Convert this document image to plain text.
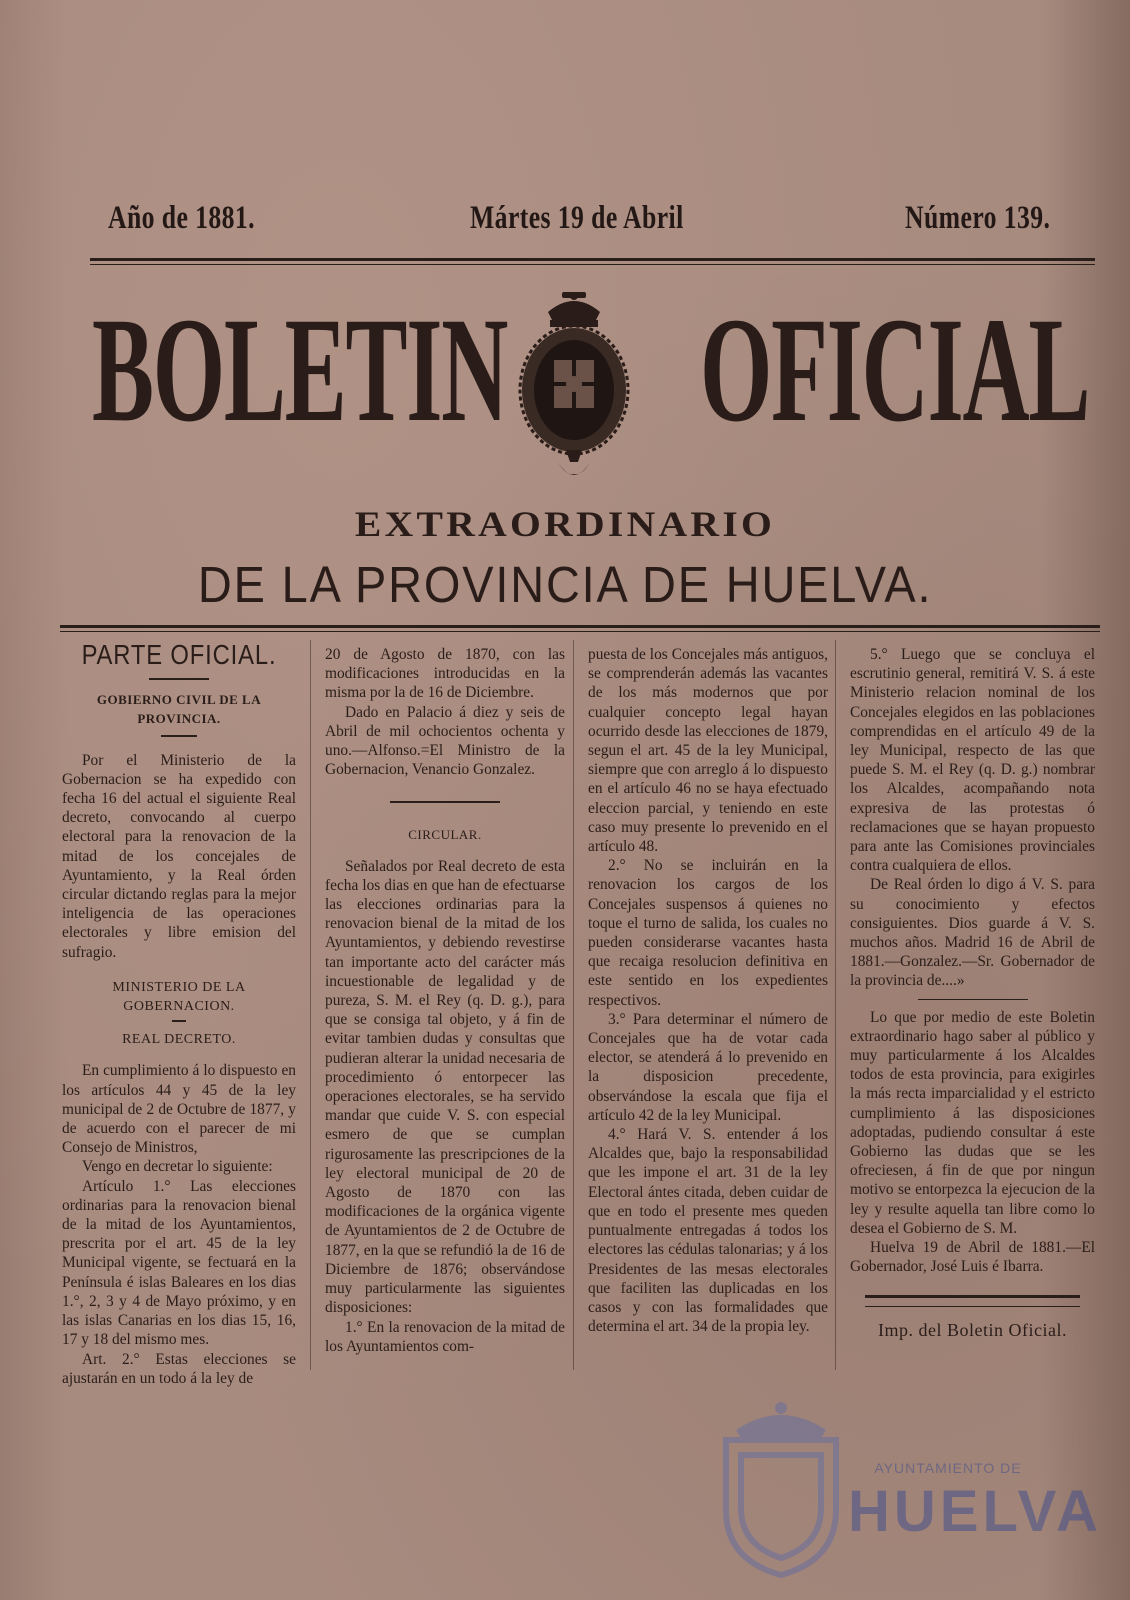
Año de 1881.	Mártes 19 de Abril	Número 139.
BOLETIN OFICIAL
EXTRAORDINARIO
DE LA PROVINCIA DE HUELVA.
PARTE OFICIAL.
GOBIERNO CIVIL DE LA PROVINCIA.

Por el Ministerio de la Gobernacion se ha expedido con fecha 16 del actual el siguiente Real decreto, convocando al cuerpo electoral para la renovacion de la mitad de los concejales de Ayuntamiento, y la Real órden circular dictando reglas para la mejor inteligencia de las operaciones electorales y libre emision del sufragio.

MINISTERIO DE LA GOBERNACION.
REAL DECRETO.

En cumplimiento á lo dispuesto en los artículos 44 y 45 de la ley municipal de 2 de Octubre de 1877, y de acuerdo con el parecer de mi Consejo de Ministros,

Vengo en decretar lo siguiente:

Artículo 1.° Las elecciones ordinarias para la renovacion bienal de la mitad de los Ayuntamientos, prescrita por el art. 45 de la ley Municipal vigente, se fectuará en la Península é islas Baleares en los dias 1.°, 2, 3 y 4 de Mayo próximo, y en las islas Canarias en los dias 15, 16, 17 y 18 del mismo mes.

Art. 2.° Estas elecciones se ajustarán en un todo á la ley de

20 de Agosto de 1870, con las modificaciones introducidas en la misma por la de 16 de Diciembre.

Dado en Palacio á diez y seis de Abril de mil ochocientos ochenta y uno.—Alfonso.=El Ministro de la Gobernacion, Venancio Gonzalez.

CIRCULAR.

Señalados por Real decreto de esta fecha los dias en que han de efectuarse las elecciones ordinarias para la renovacion bienal de la mitad de los Ayuntamientos, y debiendo revestirse tan importante acto del carácter más incuestionable de legalidad y de pureza, S. M. el Rey (q. D. g.), para que se consiga tal objeto, y á fin de evitar tambien dudas y consultas que pudieran alterar la unidad necesaria de procedimiento ó entorpecer las operaciones electorales, se ha servido mandar que cuide V. S. con especial esmero de que se cumplan rigurosamente las prescripciones de la ley electoral municipal de 20 de Agosto de 1870 con las modificaciones de la orgánica vigente de Ayuntamientos de 2 de Octubre de 1877, en la que se refundió la de 16 de Diciembre de 1876; observándose muy particularmente las siguientes disposiciones:

1.° En la renovacion de la mitad de los Ayuntamientos com-

puesta de los Concejales más antiguos, se comprenderán además las vacantes de los más modernos que por cualquier concepto legal hayan ocurrido desde las elecciones de 1879, segun el art. 45 de la ley Municipal, siempre que con arreglo á lo dispuesto en el artículo 46 no se haya efectuado eleccion parcial, y teniendo en este caso muy presente lo prevenido en el artículo 48.

2.° No se incluirán en la renovacion los cargos de los Concejales suspensos á quienes no toque el turno de salida, los cuales no pueden considerarse vacantes hasta que recaiga resolucion definitiva en este sentido en los expedientes respectivos.

3.° Para determinar el número de Concejales que ha de votar cada elector, se atenderá á lo prevenido en la disposicion precedente, observándose la escala que fija el artículo 42 de la ley Municipal.

4.° Hará V. S. entender á los Alcaldes que, bajo la responsabilidad que les impone el art. 31 de la ley Electoral ántes citada, deben cuidar de que en todo el presente mes queden puntualmente entregadas á todos los electores las cédulas talonarias; y á los Presidentes de las mesas electorales que faciliten las duplicadas en los casos y con las formalidades que determina el art. 34 de la propia ley.

5.° Luego que se concluya el escrutinio general, remitirá V. S. á este Ministerio relacion nominal de los Concejales elegidos en las poblaciones comprendidas en el artículo 49 de la ley Municipal, respecto de las que puede S. M. el Rey (q. D. g.) nombrar los Alcaldes, acompañando nota expresiva de las protestas ó reclamaciones que se hayan propuesto para ante las Comisiones provinciales contra cualquiera de ellos.

De Real órden lo digo á V. S. para su conocimiento y efectos consiguientes. Dios guarde á V. S. muchos años. Madrid 16 de Abril de 1881.—Gonzalez.—Sr. Gobernador de la provincia de....»

Lo que por medio de este Boletin extraordinario hago saber al público y muy particularmente á los Alcaldes todos de esta provincia, para exigirles la más recta imparcialidad y el estricto cumplimiento á las disposiciones adoptadas, pudiendo consultar á este Gobierno las dudas que se les ofreciesen, á fin de que por ningun motivo se entorpezca la ejecucion de la ley y resulte aquella tan libre como lo desea el Gobierno de S. M.

Huelva 19 de Abril de 1881.—El Gobernador, José Luis é Ibarra.

Imp. del Boletin Oficial.
AYUNTAMIENTO DE
HUELVA
